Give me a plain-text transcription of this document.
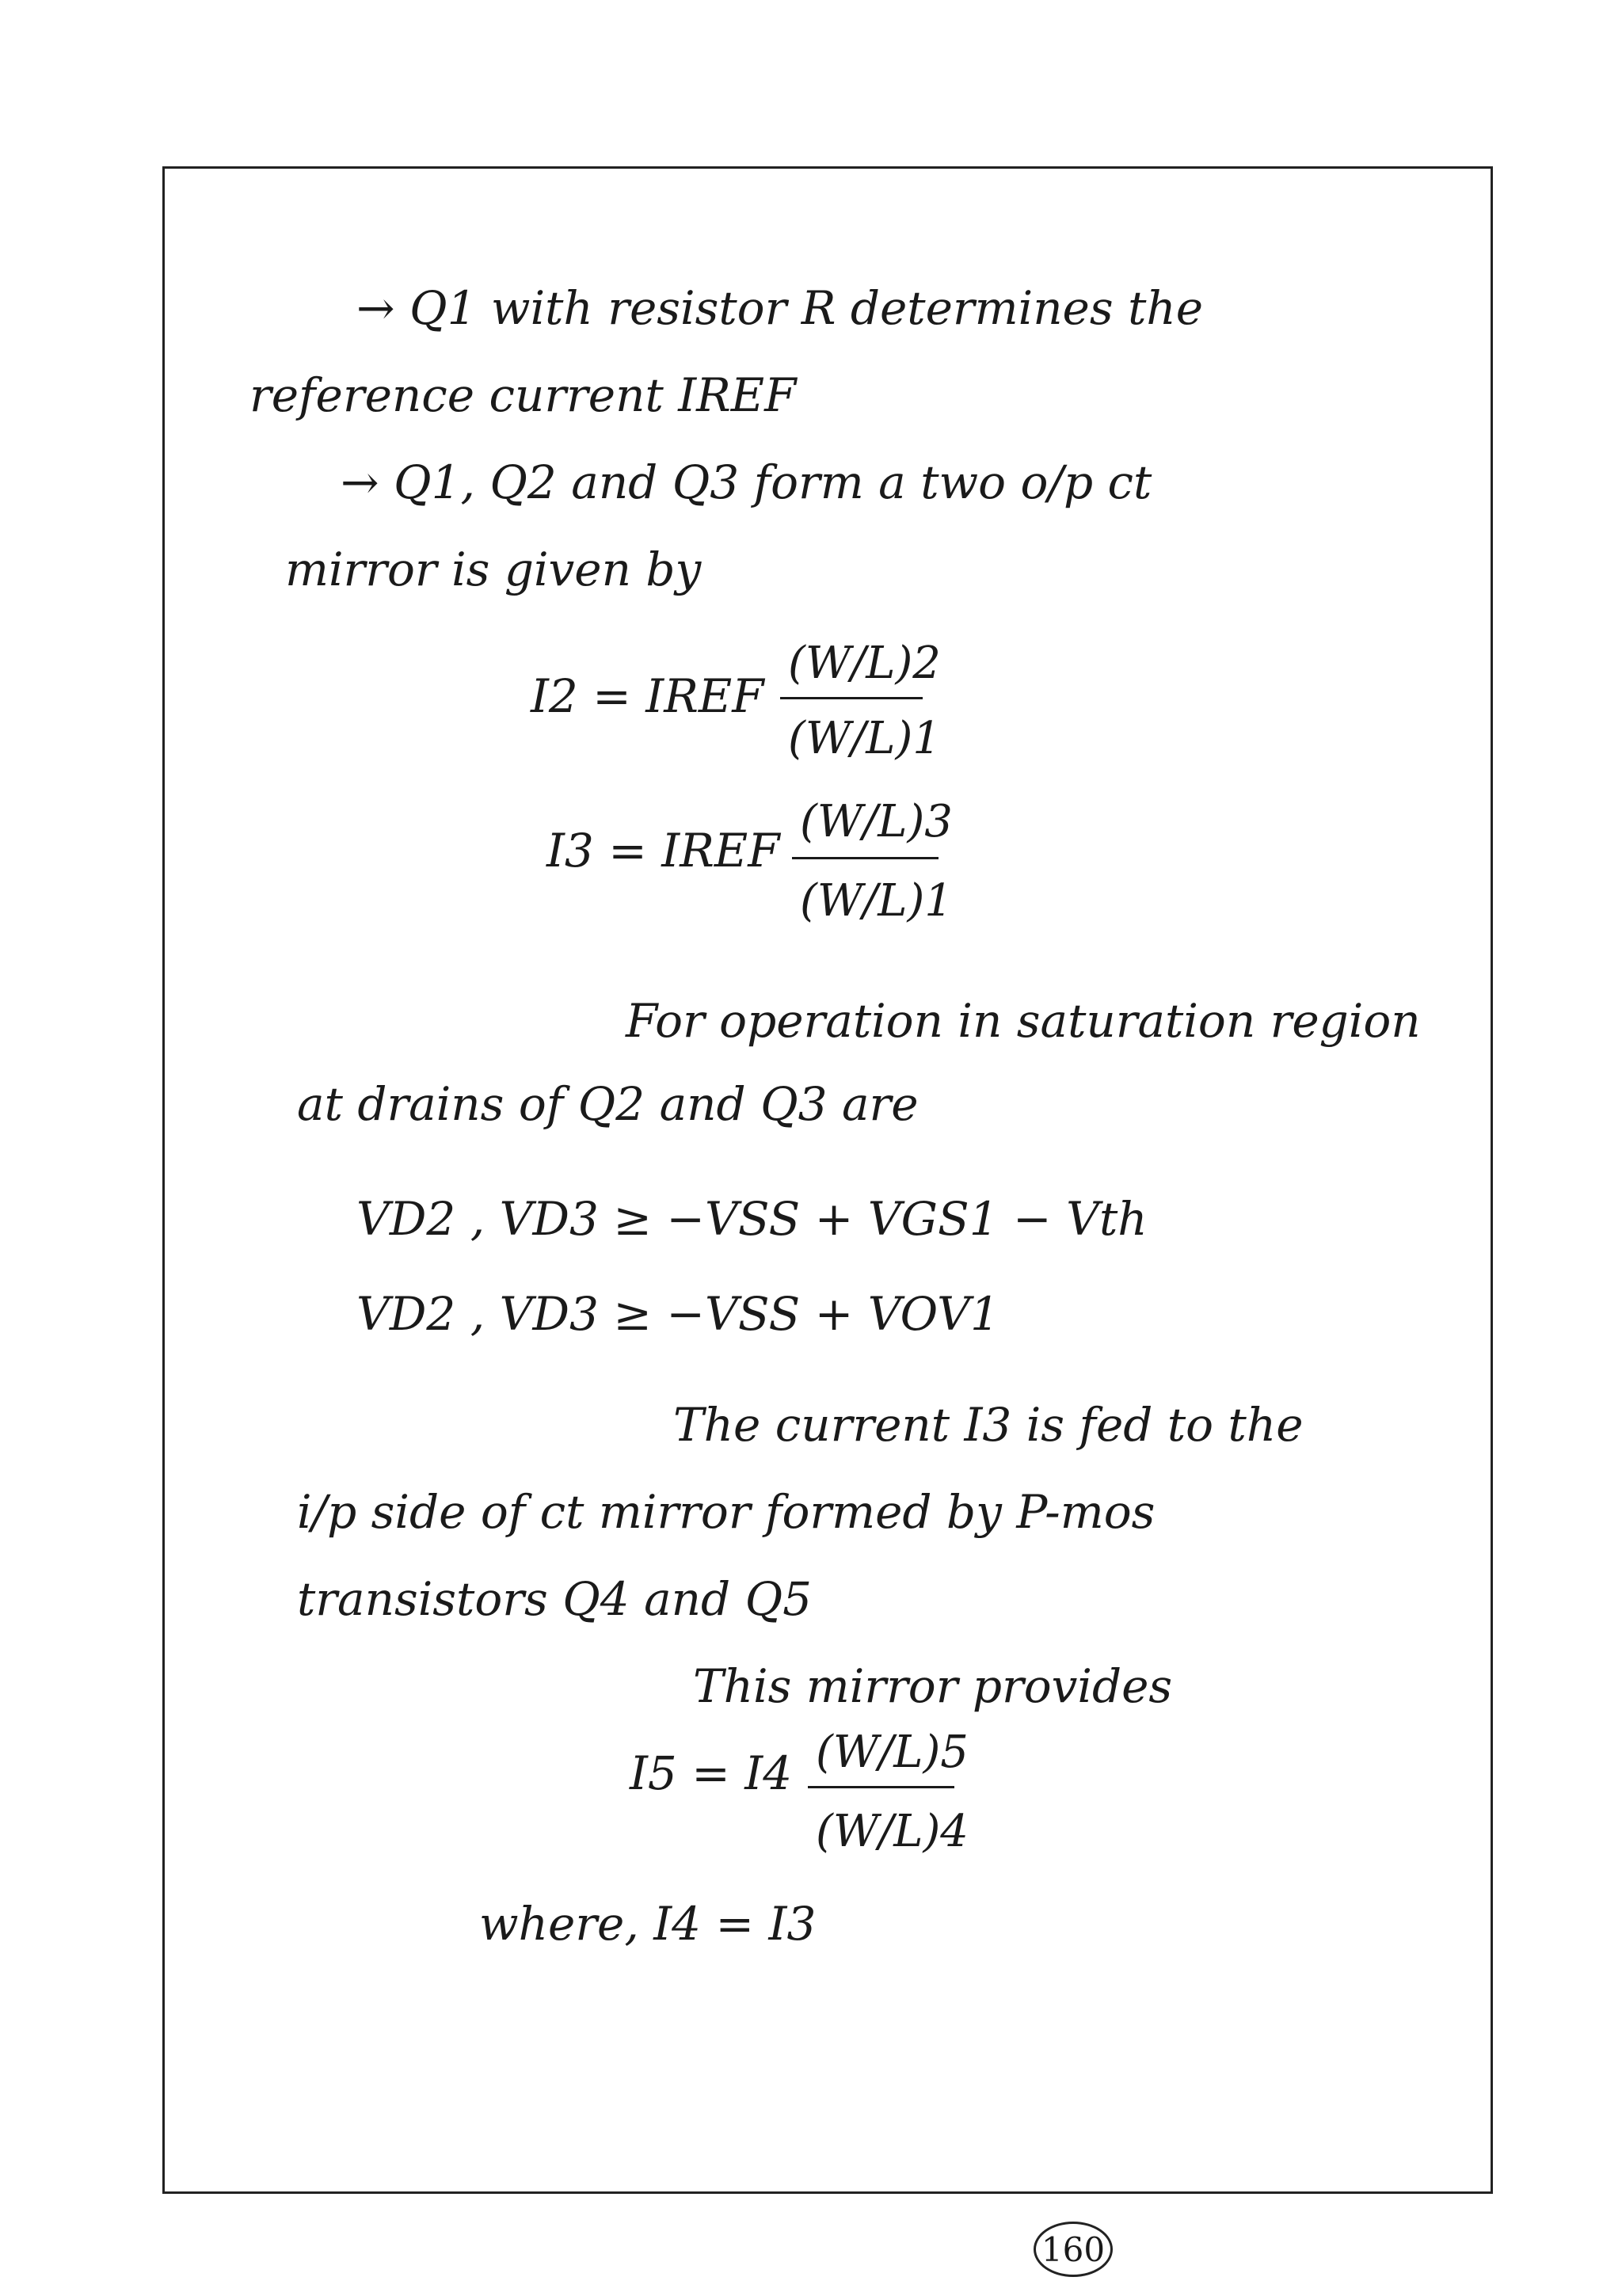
→ Q1 with resistor R determines the
reference current IREF
→ Q1, Q2 and Q3 form a two o/p ct
mirror is given by
I2 = IREF
(W/L)2
(W/L)1
I3 = IREF
(W/L)3
(W/L)1
For operation in saturation region
at drains of Q2 and Q3 are
VD2 , VD3 ≥ −VSS + VGS1 − Vth
VD2 , VD3 ≥ −VSS + VOV1
The current I3 is fed to the
i/p side of ct mirror formed by P-mos
transistors Q4 and Q5
This mirror provides
I5 = I4 (W/L)5
(W/L)4
where, I4 = I3
160
